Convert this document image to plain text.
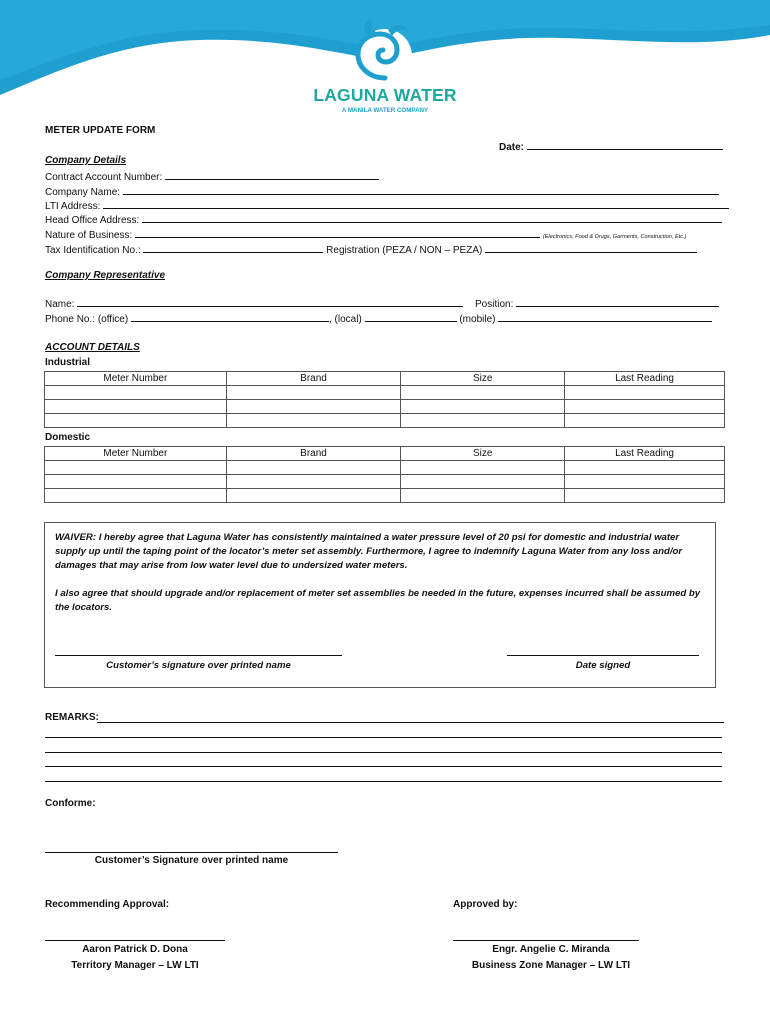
LAGUNA WATER
A MANILA WATER COMPANY
METER UPDATE FORM
Date:
Company Details
Contract Account Number:
Company Name:
LTI Address:
Head Office Address:
Nature of Business:	(Electronics, Food & Drugs, Garments, Construction, Etc.)
Tax Identification No.:	Registration (PEZA / NON – PEZA)
Company Representative
Name:	Position:
Phone No.: (office)	, (local)	(mobile)
ACCOUNT DETAILS
Industrial
Meter Number	Brand	Size	Last Reading

Domestic
Meter Number	Brand	Size	Last Reading

WAIVER: I hereby agree that Laguna Water has consistently maintained a water pressure level of 20 psi for domestic and industrial water supply up until the taping point of the locator’s meter set assembly. Furthermore, I agree to indemnify Laguna Water from any loss and/or damages that may arise from low water level due to undersized water meters.
I also agree that should upgrade and/or replacement of meter set assemblies be needed in the future, expenses incurred shall be assumed by the locators.
Customer’s signature over printed name	Date signed
REMARKS:
Conforme:
Customer’s Signature over printed name
Recommending Approval:
Aaron Patrick D. Dona
Territory Manager – LW LTI
Approved by:
Engr. Angelie C. Miranda
Business Zone Manager – LW LTI
